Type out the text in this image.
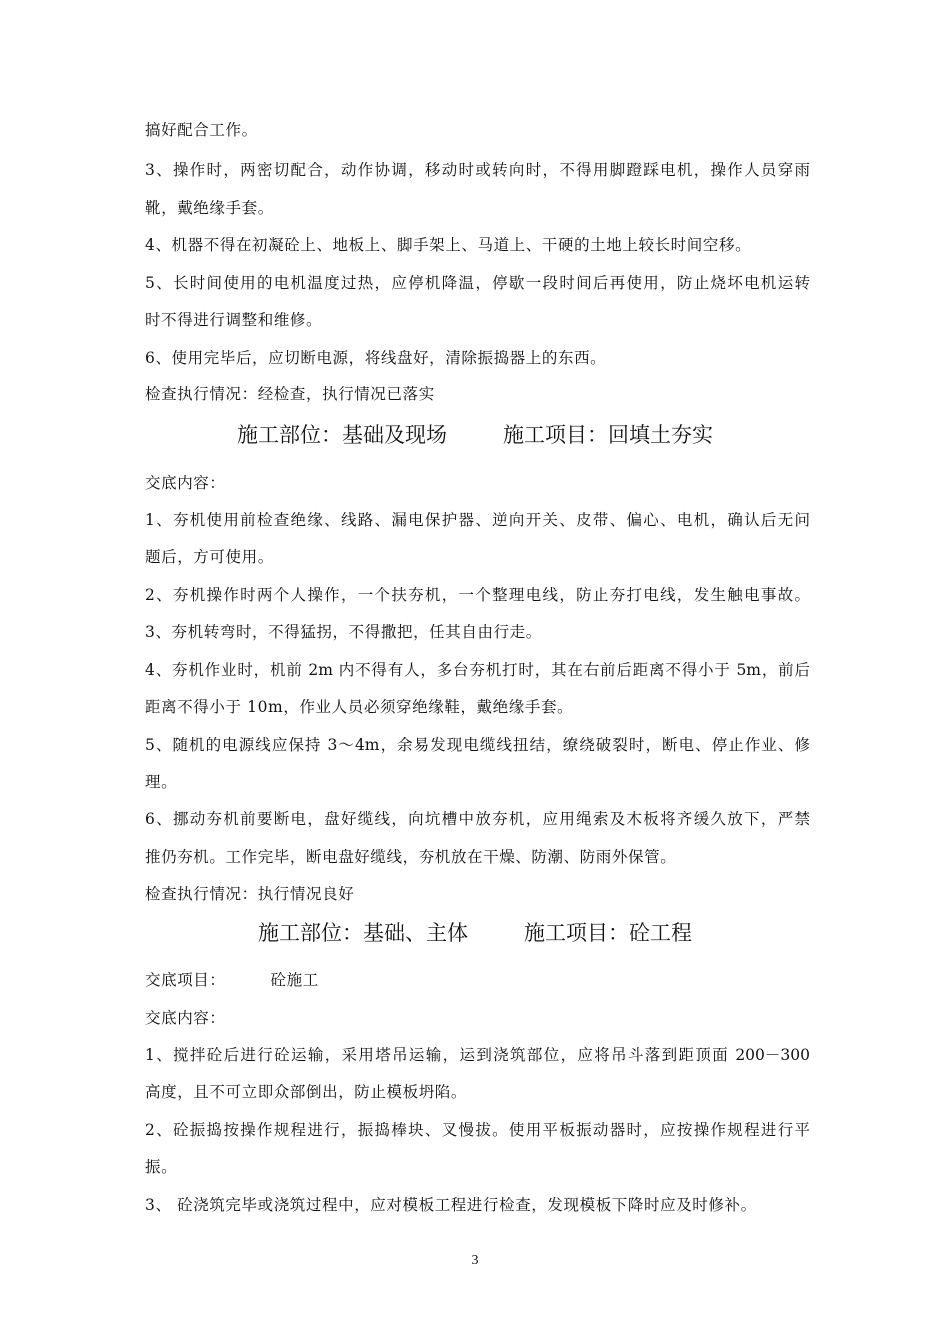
搞好配合工作。
3、操作时，两密切配合，动作协调，移动时或转向时，不得用脚蹬踩电机，操作人员穿雨
靴，戴绝缘手套。
4、机器不得在初凝砼上、地板上、脚手架上、马道上、干硬的土地上较长时间空移。
5、长时间使用的电机温度过热，应停机降温，停歇一段时间后再使用，防止烧坏电机运转
时不得进行调整和维修。
6、使用完毕后，应切断电源，将线盘好，清除振捣器上的东西。
检查执行情况：经检查，执行情况已落实
施工部位：基础及现场	施工项目：回填土夯实
交底内容：
1、夯机使用前检查绝缘、线路、漏电保护器、逆向开关、皮带、偏心、电机，确认后无问
题后，方可使用。
2、夯机操作时两个人操作，一个扶夯机，一个整理电线，防止夯打电线，发生触电事故。
3、夯机转弯时，不得猛拐，不得撒把，任其自由行走。
4、夯机作业时，机前 2m 内不得有人，多台夯机打时，其在右前后距离不得小于 5m，前后
距离不得小于 10m，作业人员必须穿绝缘鞋，戴绝缘手套。
5、随机的电源线应保持 3～4m，余易发现电缆线扭结，缭绕破裂时，断电、停止作业、修
理。
6、挪动夯机前要断电，盘好缆线，向坑槽中放夯机，应用绳索及木板将齐缓久放下，严禁
推仍夯机。工作完毕，断电盘好缆线，夯机放在干燥、防潮、防雨外保管。
检查执行情况：执行情况良好
施工部位：基础、主体	施工项目：砼工程
交底项目：	砼施工
交底内容：
1、搅拌砼后进行砼运输，采用塔吊运输，运到浇筑部位，应将吊斗落到距顶面 200－300
高度，且不可立即众部倒出，防止模板坍陷。
2、砼振捣按操作规程进行，振捣棒块、叉慢拔。使用平板振动器时，应按操作规程进行平
振。
3、 砼浇筑完毕或浇筑过程中，应对模板工程进行检查，发现模板下降时应及时修补。
3
